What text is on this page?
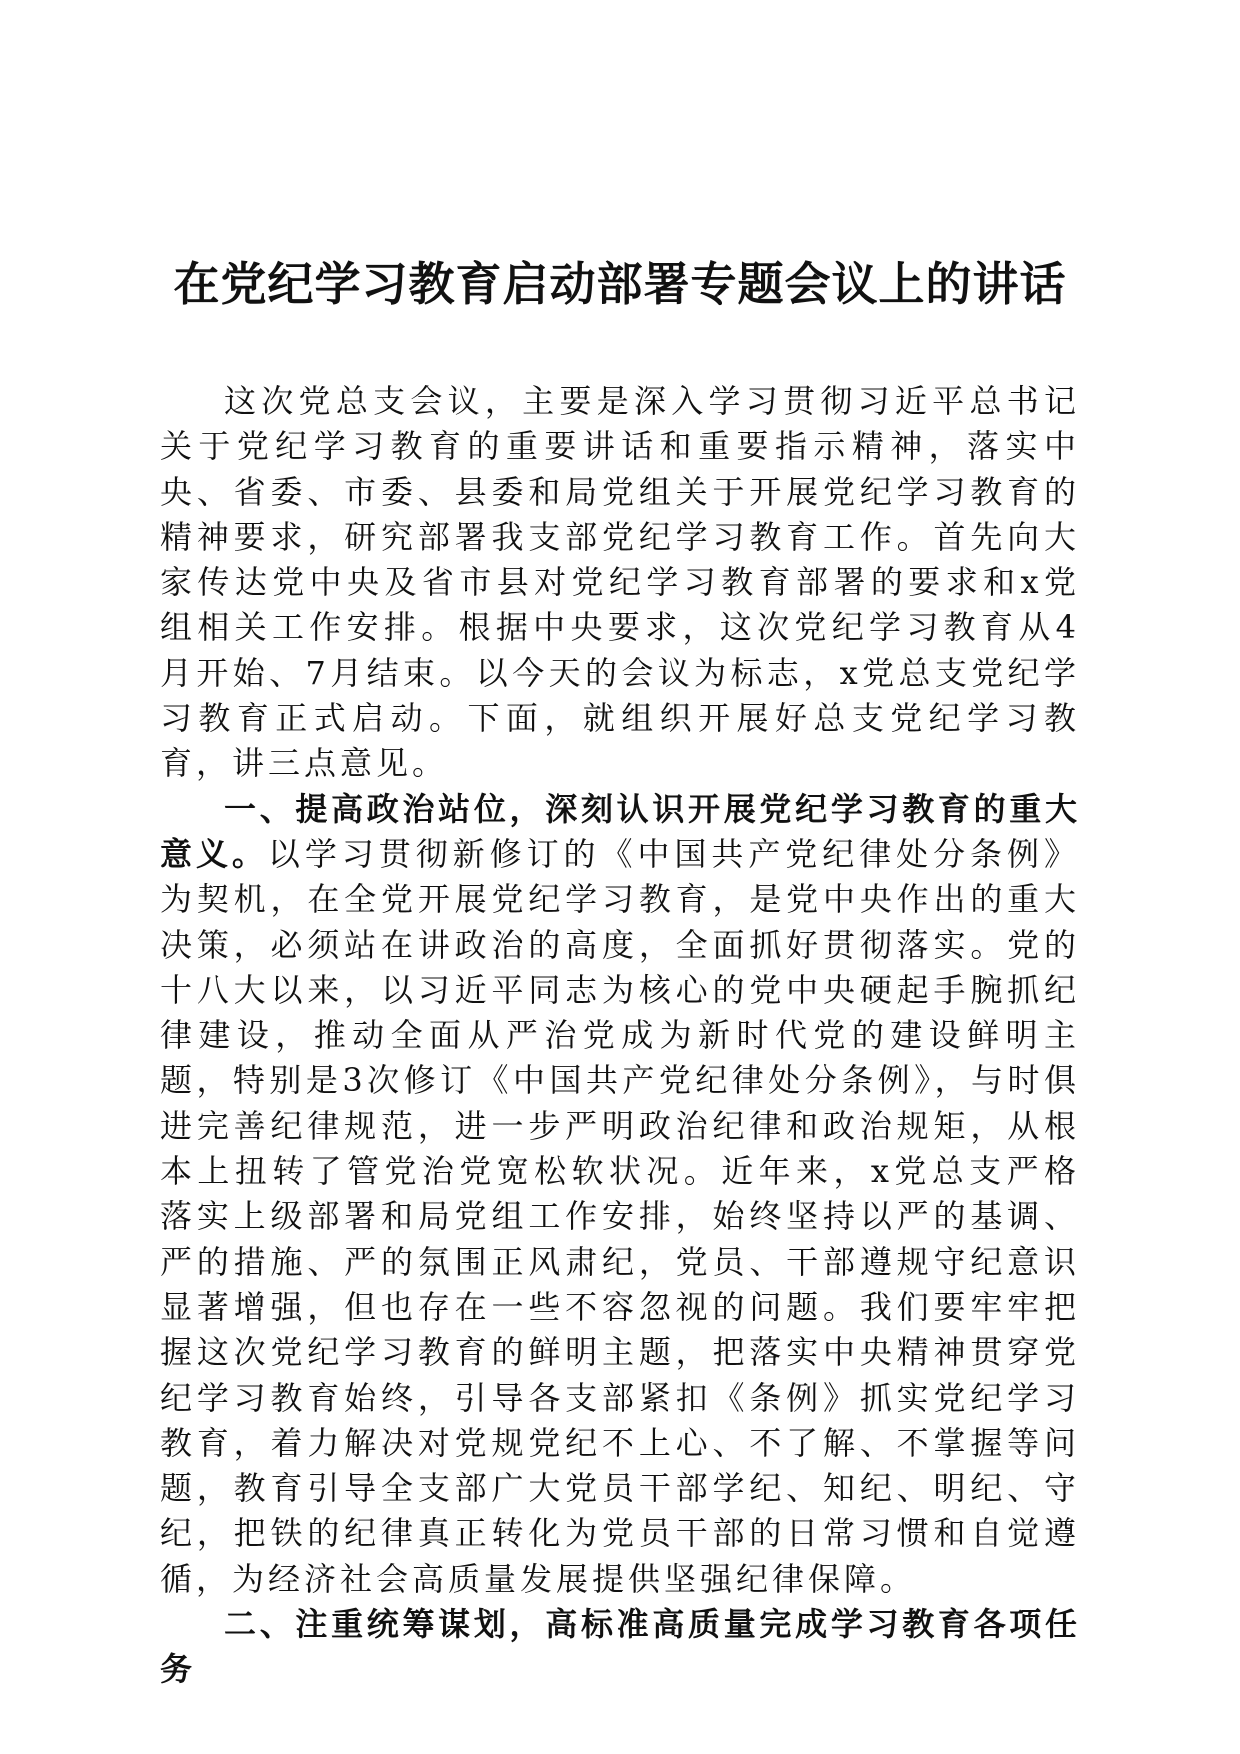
在党纪学习教育启动部署专题会议上的讲话

这次党总支会议，主要是深入学习贯彻习近平总书记关于党纪学习教育的重要讲话和重要指示精神，落实中央、省委、市委、县委和局党组关于开展党纪学习教育的精神要求，研究部署我支部党纪学习教育工作。首先向大家传达党中央及省市县对党纪学习教育部署的要求和x党组相关工作安排。根据中央要求，这次党纪学习教育从4月开始、7月结束。以今天的会议为标志，x党总支党纪学习教育正式启动。下面，就组织开展好总支党纪学习教育，讲三点意见。

一、提高政治站位，深刻认识开展党纪学习教育的重大意义。以学习贯彻新修订的《中国共产党纪律处分条例》为契机，在全党开展党纪学习教育，是党中央作出的重大决策，必须站在讲政治的高度，全面抓好贯彻落实。党的十八大以来，以习近平同志为核心的党中央硬起手腕抓纪律建设，推动全面从严治党成为新时代党的建设鲜明主题，特别是3次修订《中国共产党纪律处分条例》，与时俱进完善纪律规范，进一步严明政治纪律和政治规矩，从根本上扭转了管党治党宽松软状况。近年来，x党总支严格落实上级部署和局党组工作安排，始终坚持以严的基调、严的措施、严的氛围正风肃纪，党员、干部遵规守纪意识显著增强，但也存在一些不容忽视的问题。我们要牢牢把握这次党纪学习教育的鲜明主题，把落实中央精神贯穿党纪学习教育始终，引导各支部紧扣《条例》抓实党纪学习教育，着力解决对党规党纪不上心、不了解、不掌握等问题，教育引导全支部广大党员干部学纪、知纪、明纪、守纪，把铁的纪律真正转化为党员干部的日常习惯和自觉遵循，为经济社会高质量发展提供坚强纪律保障。

二、注重统筹谋划，高标准高质量完成学习教育各项任务
